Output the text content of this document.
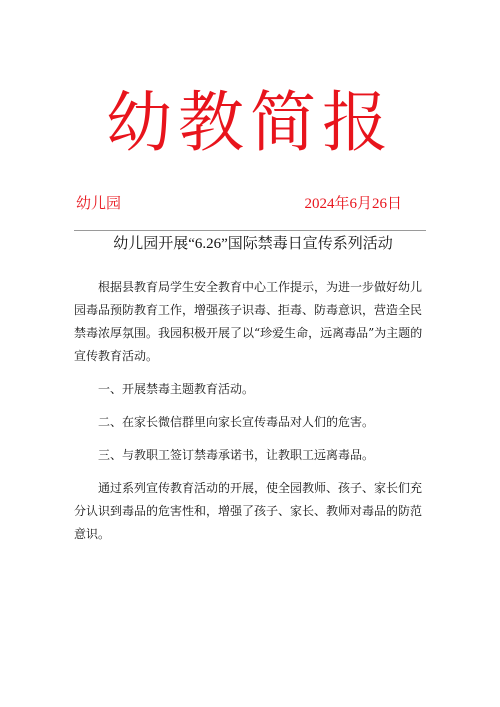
幼教简报
幼儿园	2024年6月26日
幼儿园开展“6.26”国际禁毒日宣传系列活动

根据县教育局学生安全教育中心工作提示，为进一步做好幼儿园毒品预防教育工作，增强孩子识毒、拒毒、防毒意识，营造全民禁毒浓厚氛围。我园积极开展了以“珍爱生命，远离毒品”为主题的宣传教育活动。

一、开展禁毒主题教育活动。

二、在家长微信群里向家长宣传毒品对人们的危害。

三、与教职工签订禁毒承诺书，让教职工远离毒品。

通过系列宣传教育活动的开展，使全园教师、孩子、家长们充分认识到毒品的危害性和，增强了孩子、家长、教师对毒品的防范意识。
